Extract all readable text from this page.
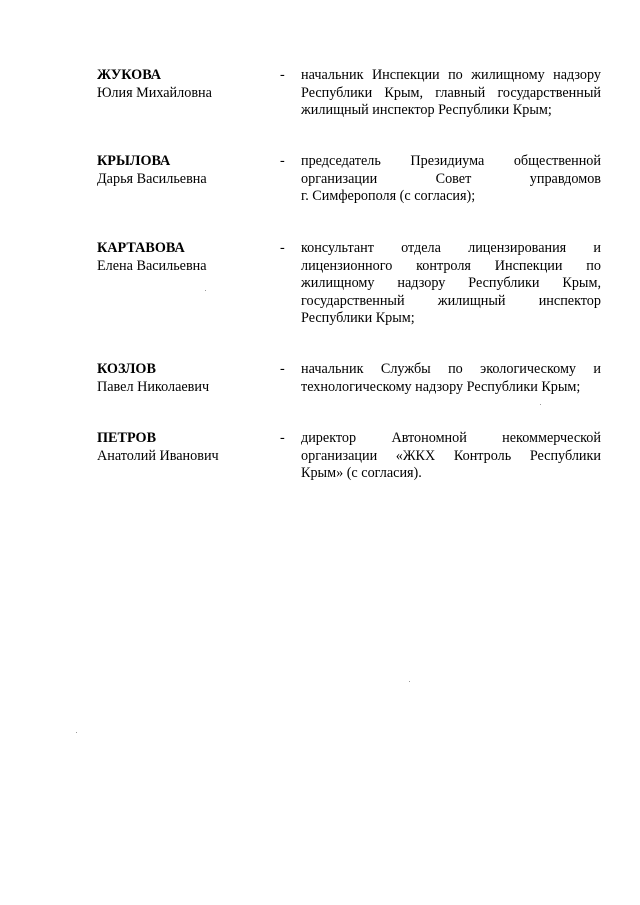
ЖУКОВА
Юлия Михайловна
- начальник Инспекции по жилищному надзору
Республики Крым, главный государственный
жилищный инспектор Республики Крым;
КРЫЛОВА
Дарья Васильевна
- председатель Президиума общественной
организации Совет управдомов
г. Симферополя (с согласия);
КАРТАВОВА
Елена Васильевна
- консультант отдела лицензирования и
лицензионного контроля Инспекции по
жилищному надзору Республики Крым,
государственный жилищный инспектор
Республики Крым;
КОЗЛОВ
Павел Николаевич
- начальник Службы по экологическому и
технологическому надзору Республики Крым;
ПЕТРОВ
Анатолий Иванович
- директор Автономной некоммерческой
организации «ЖКХ Контроль Республики
Крым» (с согласия).
